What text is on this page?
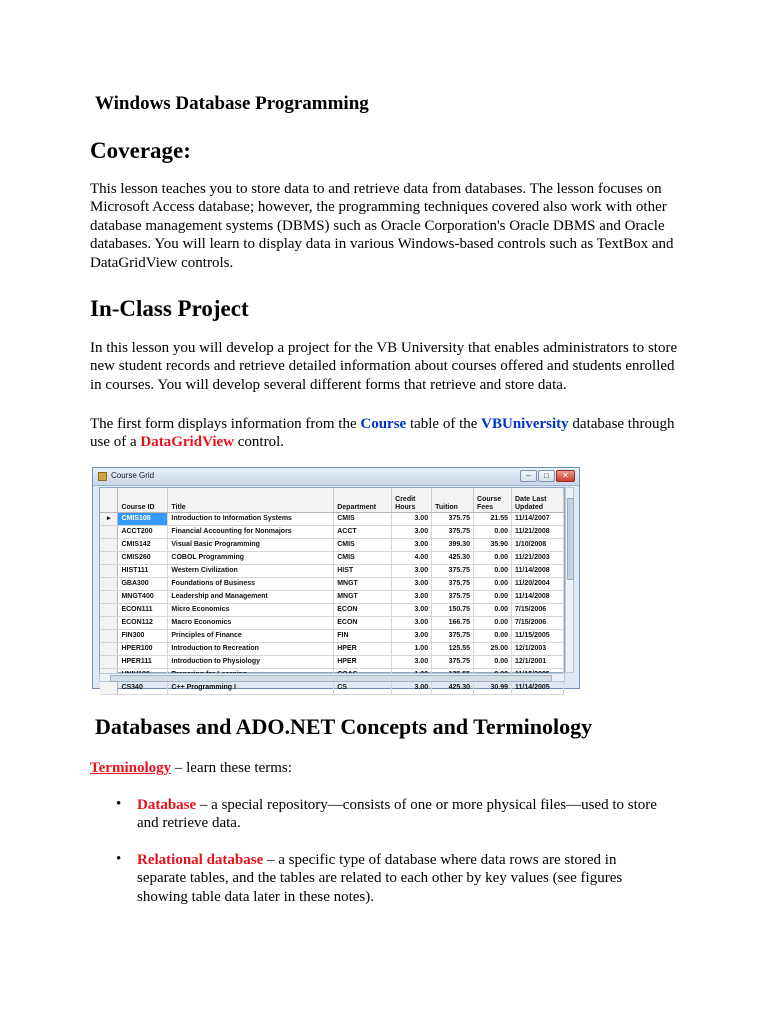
Windows Database Programming
Coverage:

This lesson teaches you to store data to and retrieve data from databases. The lesson focuses on Microsoft Access database; however, the programming techniques covered also work with other database management systems (DBMS) such as Oracle Corporation's Oracle DBMS and Oracle databases. You will learn to display data in various Windows-based controls such as TextBox and DataGridView controls.

In-Class Project

In this lesson you will develop a project for the VB University that enables administrators to store new student records and retrieve detailed information about courses offered and students enrolled in courses. You will develop several different forms that retrieve and store data.

The first form displays information from the Course table of the VBUniversity database through use of a DataGridView control.

Course Grid	–	□	✕
	Course ID	Title	Department	Credit Hours	Tuition	Course Fees	Date Last Updated
▸	CMIS108	Introduction to Information Systems	CMIS	3.00	375.75	21.55	11/14/2007
	ACCT200	Financial Accounting for Nonmajors	ACCT	3.00	375.75	0.00	11/21/2008
	CMIS142	Visual Basic Programming	CMIS	3.00	399.30	35.90	1/10/2008
	CMIS260	COBOL Programming	CMIS	4.00	425.30	0.00	11/21/2003
	HIST111	Western Civilization	HIST	3.00	375.75	0.00	11/14/2008
	GBA300	Foundations of Business	MNGT	3.00	375.75	0.00	11/20/2004
	MNGT400	Leadership and Management	MNGT	3.00	375.75	0.00	11/14/2008
	ECON111	Micro Economics	ECON	3.00	150.75	0.00	7/15/2006
	ECON112	Macro Economics	ECON	3.00	166.75	0.00	7/15/2006
	FIN300	Principles of Finance	FIN	3.00	375.75	0.00	11/15/2005
	HPER100	Introduction to Recreation	HPER	1.00	125.55	25.00	12/1/2003
	HPER111	Introduction to Physiology	HPER	3.00	375.75	0.00	12/1/2001

	CS340	C++ Programming I	CS	3.00	425.30	30.99	11/14/2005
Databases and ADO.NET Concepts and Terminology

Terminology – learn these terms:

• Database – a special repository—consists of one or more physical files—used to store and retrieve data.

• Relational database – a specific type of database where data rows are stored in separate tables, and the tables are related to each other by key values (see figures showing table data later in these notes).
